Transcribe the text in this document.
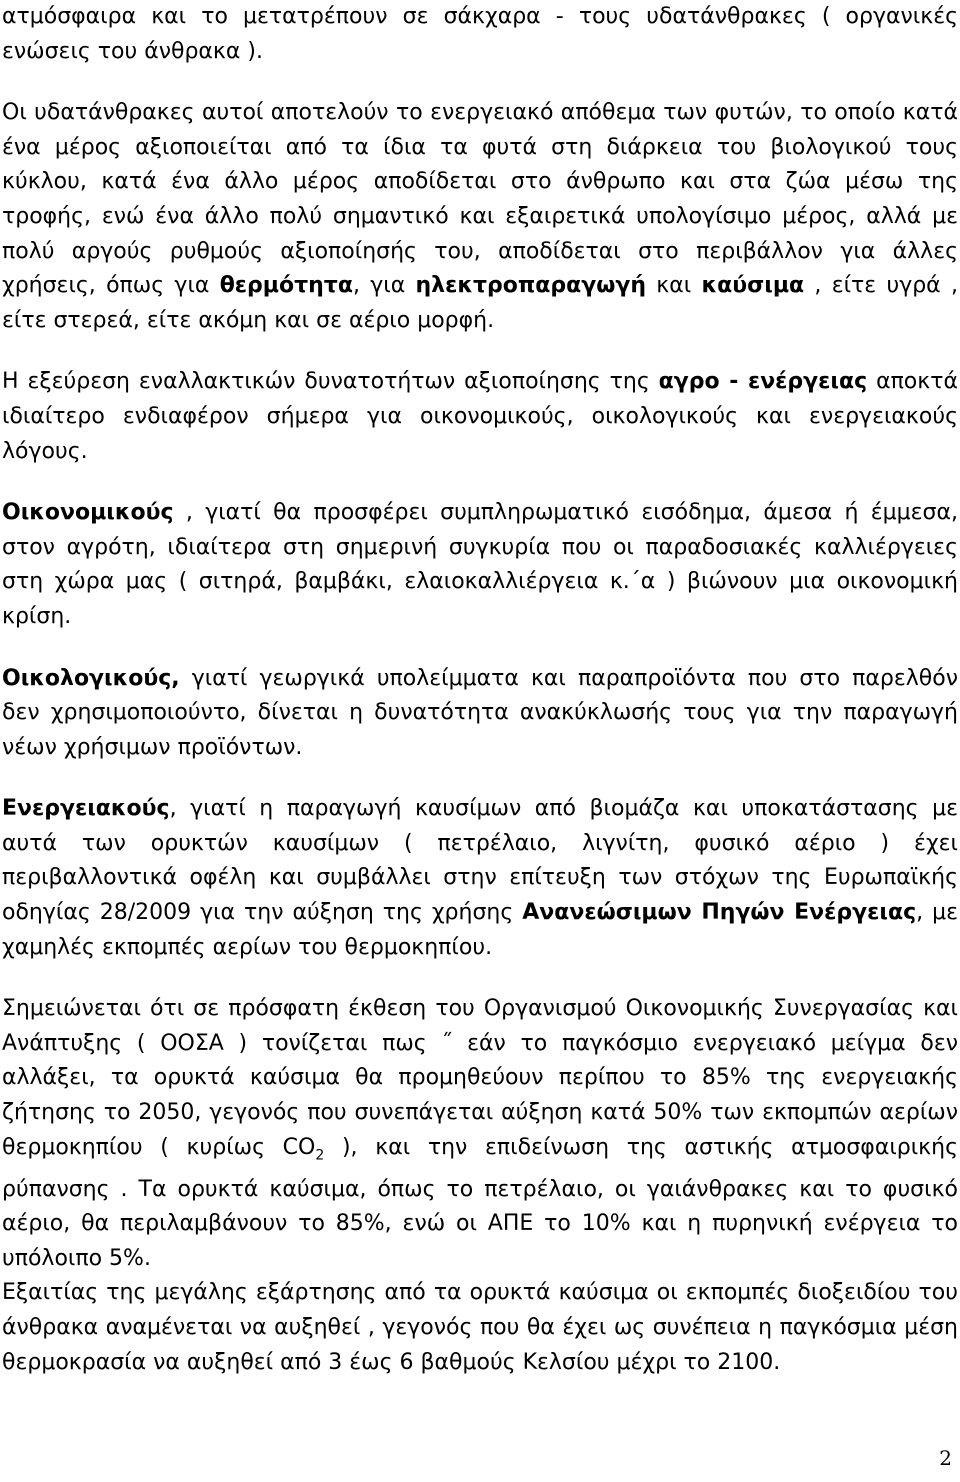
ατμόσφαιρα και το μετατρέπουν σε σάκχαρα - τους υδατάνθρακες ( οργανικές ενώσεις του άνθρακα ).

Οι υδατάνθρακες αυτοί αποτελούν το ενεργειακό απόθεμα των φυτών, το οποίο κατά ένα μέρος αξιοποιείται από τα ίδια τα φυτά στη διάρκεια του βιολογικού τους κύκλου, κατά ένα άλλο μέρος αποδίδεται στο άνθρωπο και στα ζώα μέσω της τροφής, ενώ ένα άλλο πολύ σημαντικό και εξαιρετικά υπολογίσιμο μέρος, αλλά με πολύ αργούς ρυθμούς αξιοποίησής του, αποδίδεται στο περιβάλλον για άλλες χρήσεις, όπως για θερμότητα, για ηλεκτροπαραγωγή και καύσιμα , είτε υγρά , είτε στερεά, είτε ακόμη και σε αέριο μορφή.

Η εξεύρεση εναλλακτικών δυνατοτήτων αξιοποίησης της αγρο - ενέργειας αποκτά ιδιαίτερο ενδιαφέρον σήμερα για οικονομικούς, οικολογικούς και ενεργειακούς λόγους.

Οικονομικούς , γιατί θα προσφέρει συμπληρωματικό εισόδημα, άμεσα ή έμμεσα, στον αγρότη, ιδιαίτερα στη σημερινή συγκυρία που οι παραδοσιακές καλλιέργειες στη χώρα μας ( σιτηρά, βαμβάκι, ελαιοκαλλιέργεια κ.΄α ) βιώνουν μια οικονομική κρίση.

Οικολογικούς, γιατί γεωργικά υπολείμματα και παραπροϊόντα που στο παρελθόν δεν χρησιμοποιούντο, δίνεται η δυνατότητα ανακύκλωσής τους για την παραγωγή νέων χρήσιμων προϊόντων.

Ενεργειακούς, γιατί η παραγωγή καυσίμων από βιομάζα και υποκατάστασης με αυτά των ορυκτών καυσίμων ( πετρέλαιο, λιγνίτη, φυσικό αέριο ) έχει περιβαλλοντικά οφέλη και συμβάλλει στην επίτευξη των στόχων της Ευρωπαϊκής οδηγίας 28/2009 για την αύξηση της χρήσης Ανανεώσιμων Πηγών Ενέργειας, με χαμηλές εκπομπές αερίων του θερμοκηπίου.

Σημειώνεται ότι σε πρόσφατη έκθεση του Οργανισμού Οικονομικής Συνεργασίας και Ανάπτυξης ( ΟΟΣΑ ) τονίζεται πως ˝ εάν το παγκόσμιο ενεργειακό μείγμα δεν αλλάξει, τα ορυκτά καύσιμα θα προμηθεύουν περίπου το 85% της ενεργειακής ζήτησης το 2050, γεγονός που συνεπάγεται αύξηση κατά 50% των εκπομπών αερίων θερμοκηπίου ( κυρίως $CO_2$ ), και την επιδείνωση της αστικής ατμοσφαιρικής ρύπανσης . Τα ορυκτά καύσιμα, όπως το πετρέλαιο, οι γαιάνθρακες και το φυσικό αέριο, θα περιλαμβάνουν το 85%, ενώ οι ΑΠΕ το 10% και η πυρηνική ενέργεια το υπόλοιπο 5%.

Εξαιτίας της μεγάλης εξάρτησης από τα ορυκτά καύσιμα οι εκπομπές διοξειδίου του άνθρακα αναμένεται να αυξηθεί , γεγονός που θα έχει ως συνέπεια η παγκόσμια μέση θερμοκρασία να αυξηθεί από 3 έως 6 βαθμούς Κελσίου μέχρι το 2100.

2
